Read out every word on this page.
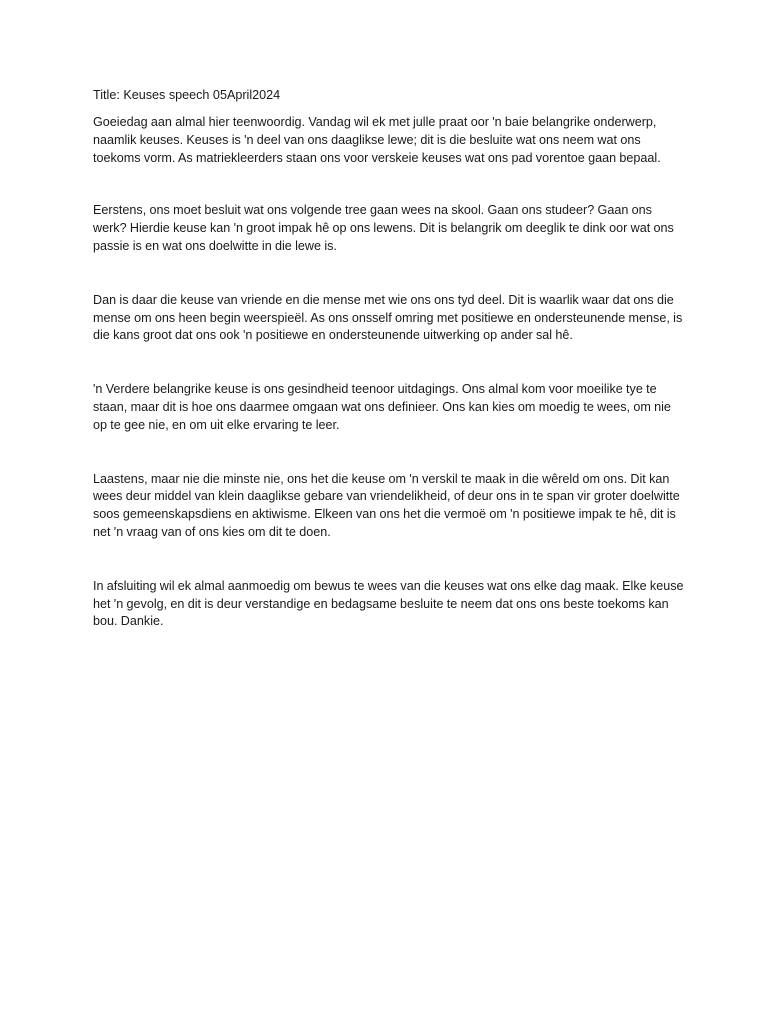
Title: Keuses speech 05April2024

Goeiedag aan almal hier teenwoordig. Vandag wil ek met julle praat oor 'n baie belangrike onderwerp, naamlik keuses. Keuses is 'n deel van ons daaglikse lewe; dit is die besluite wat ons neem wat ons toekoms vorm. As matriekleerders staan ons voor verskeie keuses wat ons pad vorentoe gaan bepaal.

Eerstens, ons moet besluit wat ons volgende tree gaan wees na skool. Gaan ons studeer? Gaan ons werk? Hierdie keuse kan 'n groot impak hê op ons lewens. Dit is belangrik om deeglik te dink oor wat ons passie is en wat ons doelwitte in die lewe is.

Dan is daar die keuse van vriende en die mense met wie ons ons tyd deel. Dit is waarlik waar dat ons die mense om ons heen begin weerspieël. As ons onsself omring met positiewe en ondersteunende mense, is die kans groot dat ons ook 'n positiewe en ondersteunende uitwerking op ander sal hê.

'n Verdere belangrike keuse is ons gesindheid teenoor uitdagings. Ons almal kom voor moeilike tye te staan, maar dit is hoe ons daarmee omgaan wat ons definieer. Ons kan kies om moedig te wees, om nie op te gee nie, en om uit elke ervaring te leer.

Laastens, maar nie die minste nie, ons het die keuse om 'n verskil te maak in die wêreld om ons. Dit kan wees deur middel van klein daaglikse gebare van vriendelikheid, of deur ons in te span vir groter doelwitte soos gemeenskapsdiens en aktiwisme. Elkeen van ons het die vermoë om 'n positiewe impak te hê, dit is net 'n vraag van of ons kies om dit te doen.

In afsluiting wil ek almal aanmoedig om bewus te wees van die keuses wat ons elke dag maak. Elke keuse het 'n gevolg, en dit is deur verstandige en bedagsame besluite te neem dat ons ons beste toekoms kan bou. Dankie.
